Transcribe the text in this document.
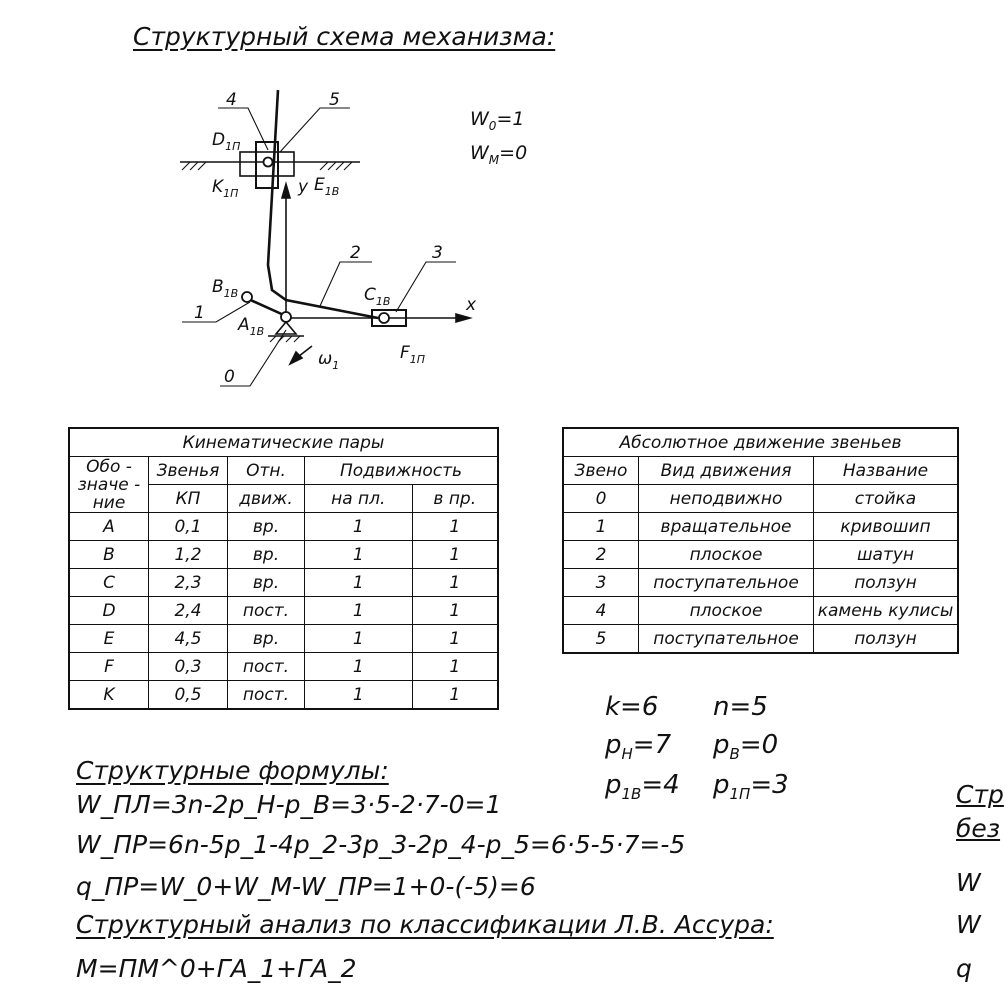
Структурный схема механизма:
4	5
2	3
1
0
$D_{1П}$
$K_{1П}$	y $E_{1В}$
$B_{1В}$
$A_{1В}$
$C_{1В}$	x
$F_{1П}$
$\omega_1$
$W_0=1$
$W_M=0$
Кинематические пары				
Обо - значе - ние	Звенья	Отн.	Подвижность	
	КП	движ.	на пл.	в пр.
A	0,1	вр.	1	1
B	1,2	вр.	1	1
C	2,3	вр.	1	1
D	2,4	пост.	1	1
E	4,5	вр.	1	1
F	0,3	пост.	1	1
K	0,5	пост.	1	1
Абсолютное движение звеньев		
Звено	Вид движения	Название
0	неподвижно	стойка
1	вращательное	кривошип
2	плоское	шатун
3	поступательное	ползун
4	плоское	камень кулисы
5	поступательное	ползун
k=6 n=5
$p_H=7$ $p_B=0$
$p_{1B}=4$ $p_{1П}=3$
Структурные формулы:
W_ПЛ=3n-2p_H-p_B=3·5-2·7-0=1
W_ПР=6n-5p_1-4p_2-3p_3-2p_4-p_5=6·5-5·7=-5
q_ПР=W_0+W_M-W_ПР=1+0-(-5)=6
Структурный анализ по классификации Л.В. Ассура:
M=ПМ^0+ГА_1+ГА_2
Стр
без
W
W
q
